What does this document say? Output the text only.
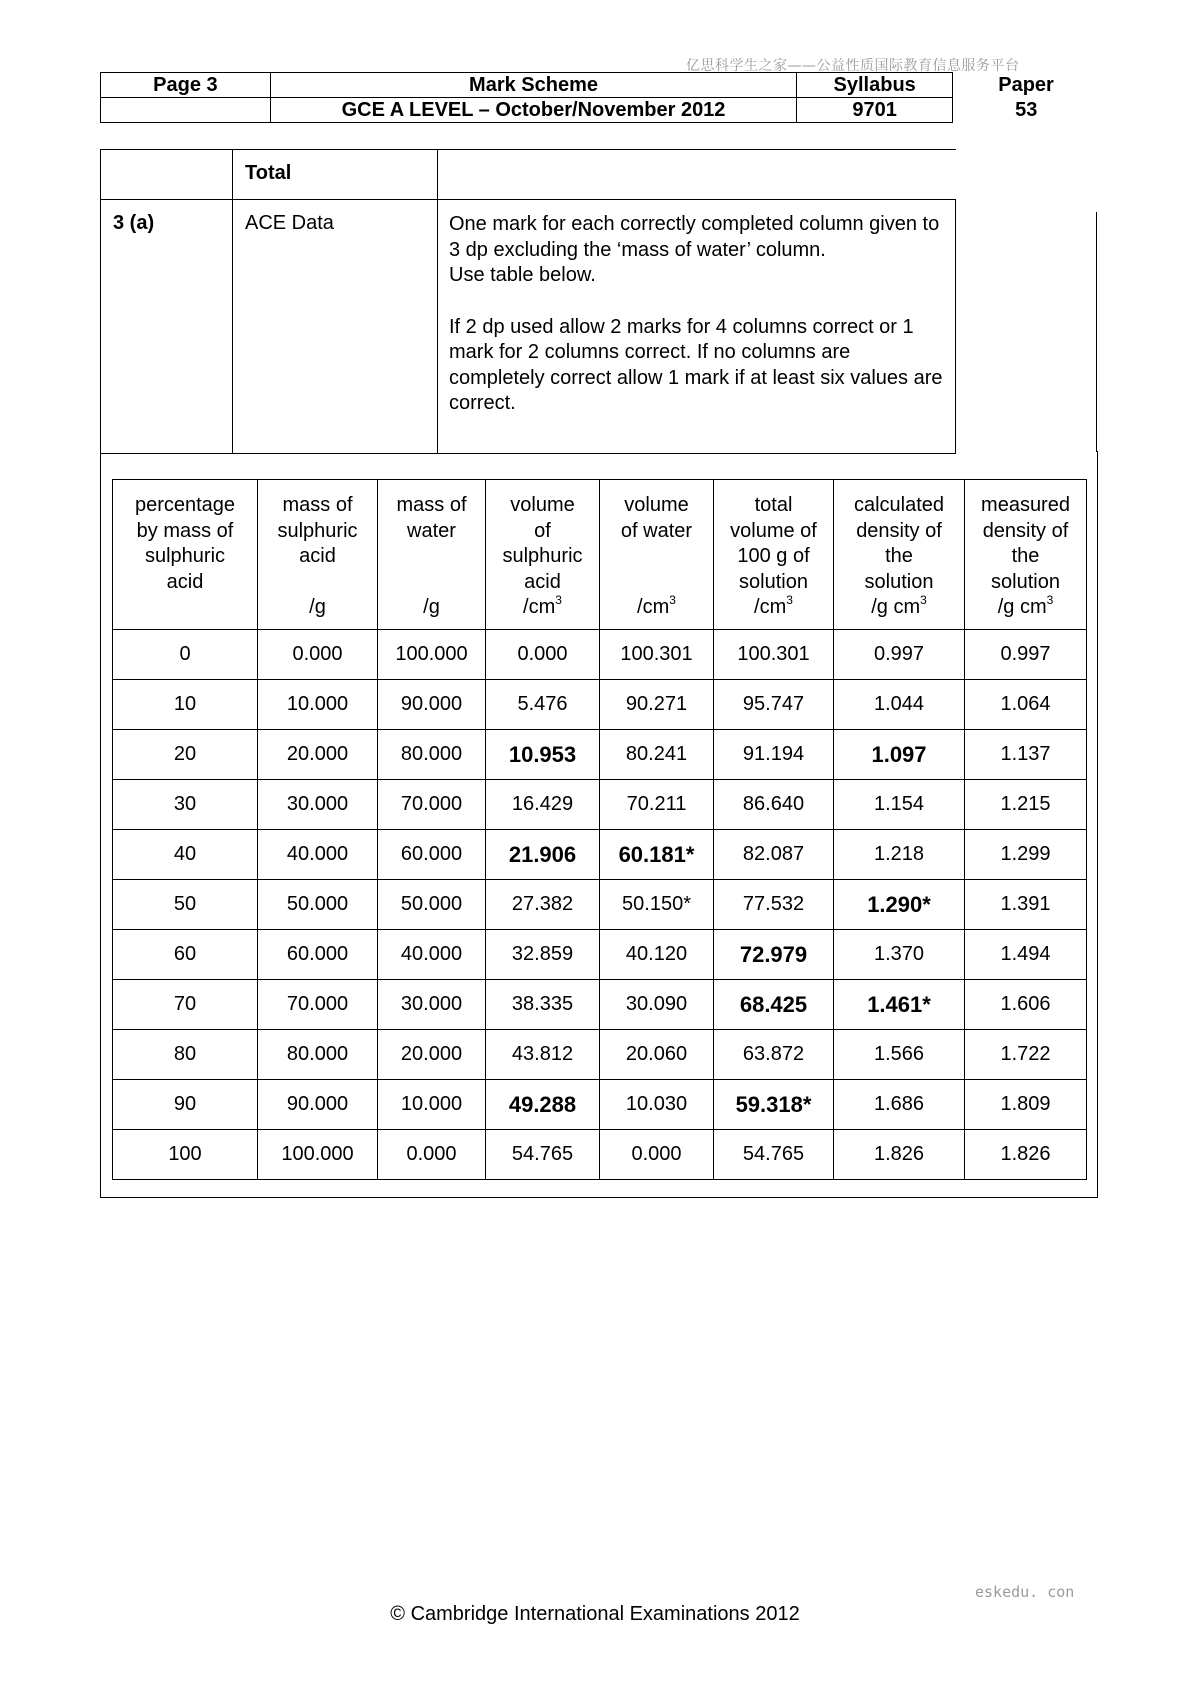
亿思科学生之家——公益性质国际教育信息服务平台
Page 3	Mark Scheme	Syllabus	Paper
	GCE A LEVEL – October/November 2012	9701	53

	Total	

3 (a)	ACE Data	One mark for each correctly completed column given to 3 dp excluding the ‘mass of water’ column.
Use table below.

If 2 dp used allow 2 marks for 4 columns correct or 1 mark for 2 columns correct. If no columns are completely correct allow 1 mark if at least six values are correct.

percentage
by mass of
sulphuric
acid	mass of
sulphuric
acid

/g	mass of
water

/g	volume
of
sulphuric
acid
$/cm^3$	volume
of water

$/cm^3$	total
volume of
100 g of
solution
$/cm^3$	calculated
density of
the
solution
/g $cm^3$	measured
density of
the
solution
/g $cm^3$

0	0.000	100.000	0.000	100.301	100.301	0.997	0.997
10	10.000	90.000	5.476	90.271	95.747	1.044	1.064
20	20.000	80.000	10.953	80.241	91.194	1.097	1.137
30	30.000	70.000	16.429	70.211	86.640	1.154	1.215
40	40.000	60.000	21.906	60.181*	82.087	1.218	1.299
50	50.000	50.000	27.382	50.150*	77.532	1.290*	1.391
60	60.000	40.000	32.859	40.120	72.979	1.370	1.494
70	70.000	30.000	38.335	30.090	68.425	1.461*	1.606
80	80.000	20.000	43.812	20.060	63.872	1.566	1.722
90	90.000	10.000	49.288	10.030	59.318*	1.686	1.809
100	100.000	0.000	54.765	0.000	54.765	1.826	1.826
eskedu. con
© Cambridge International Examinations 2012
